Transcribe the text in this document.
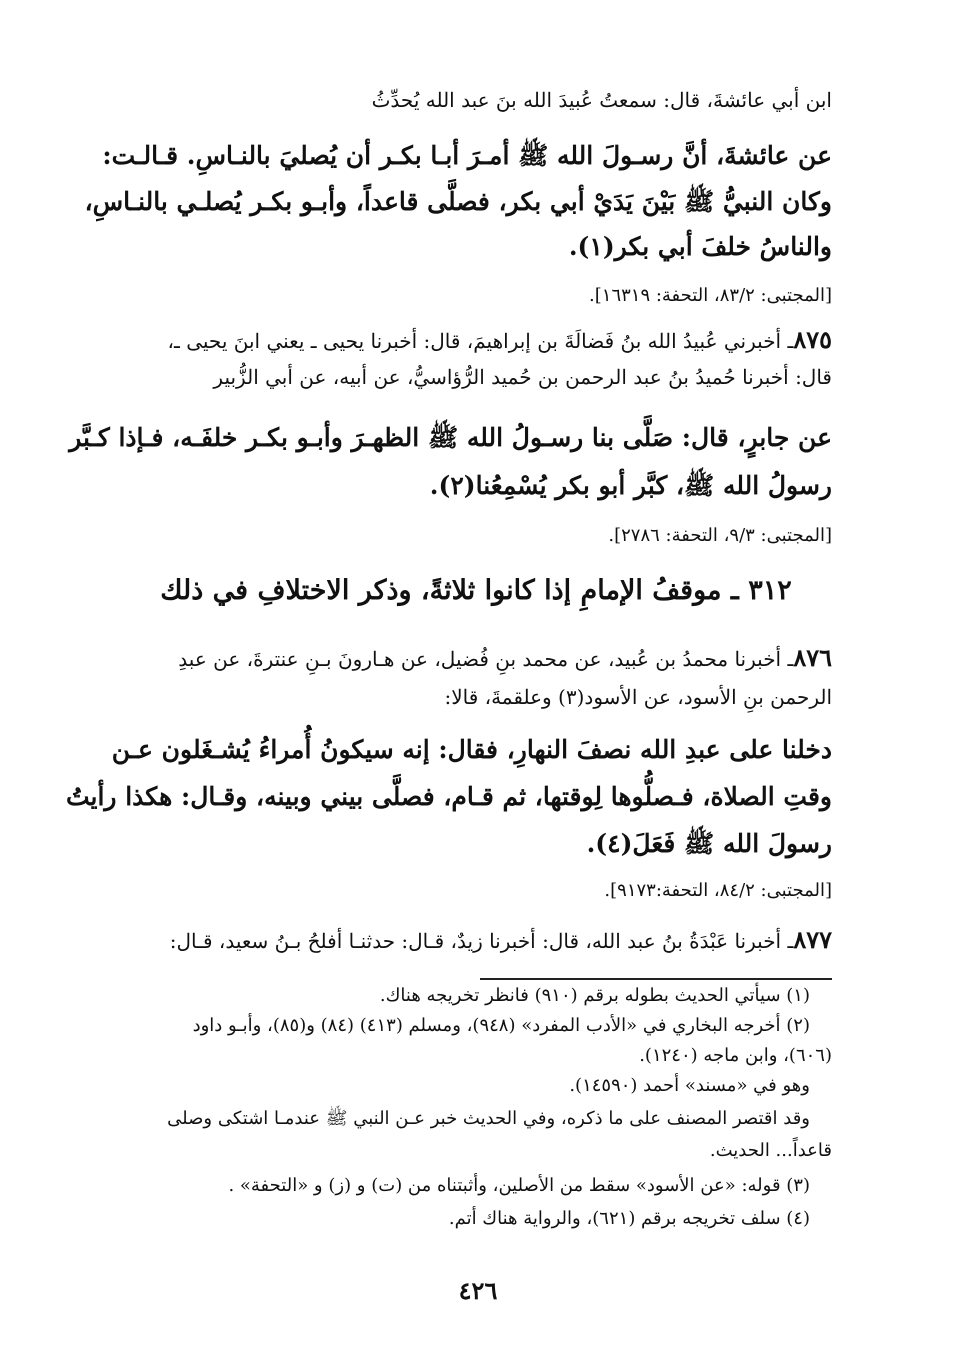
ابن أبي عائشةَ، قال: سمعتُ عُبيدَ الله بنَ عبد الله يُحدِّثُ
عن عائشةَ، أنَّ رسـولَ الله ﷺ أمـرَ أبـا بكـر أن يُصليَ بالنـاسِ. قـالـت:
وكان النبيُّ ﷺ بَيْنَ يَدَيْ أبي بكر، فصلَّى قاعداً، وأبـو بكـر يُصلـي بالنـاسِ،
والناسُ خلفَ أبي بكر(١).
[المجتبى: ٨٣/٢، التحفة: ١٦٣١٩].
٨٧٥ـ أخبرني عُبيدُ الله بنُ فَضالَةَ بن إبراهيمَ، قال: أخبرنا يحيى ـ يعني ابنَ يحيى ـ،
قال: أخبرنا حُميدُ بنُ عبد الرحمن بن حُميد الرُّؤاسيُّ، عن أبيه، عن أبي الزُّبير
عن جابرٍ، قال: صَلَّى بنا رسـولُ الله ﷺ الظهـرَ وأبـو بكـر خلفَـه، فـإذا كـبَّر
رسولُ الله ﷺ، كبَّر أبو بكر يُسْمِعُنا(٢).
[المجتبى: ٩/٣، التحفة: ٢٧٨٦].
٣١٢ ـ موقفُ الإمامِ إذا كانوا ثلاثةً، وذكر الاختلافِ في ذلك
٨٧٦ـ أخبرنا محمدُ بن عُبيد، عن محمد بنِ فُضيل، عن هـارونَ بـنِ عنترةَ، عن عبدِ
الرحمن بنِ الأسود، عن الأسود(٣) وعلقمةَ، قالا:
دخلنا على عبدِ الله نصفَ النهارِ، فقال: إنه سيكونُ أُمراءُ يُشـغَلون عـن
وقتِ الصلاة، فـصلُّوها لِوقتها، ثم قـام، فصلَّى بيني وبينه، وقـال: هكذا رأيتُ
رسولَ الله ﷺ فَعَلَ(٤).
[المجتبى: ٨٤/٢، التحفة:٩١٧٣].
٨٧٧ـ أخبرنا عَبْدَةُ بنُ عبد الله، قال: أخبرنا زيدٌ، قـال: حدثنـا أفلحُ بـنُ سعيد، قـال:
(١) سيأتي الحديث بطوله برقم (٩١٠) فانظر تخريجه هناك.
(٢) أخرجه البخاري في «الأدب المفرد» (٩٤٨)، ومسلم (٤١٣) (٨٤) و(٨٥)، وأبـو داود
(٦٠٦)، وابن ماجه (١٢٤٠).
وهو في «مسند» أحمد (١٤٥٩٠).
وقد اقتصر المصنف على ما ذكره، وفي الحديث خبر عـن النبي ﷺ عندمـا اشتكى وصلى
قاعداً... الحديث.
(٣) قوله: «عن الأسود» سقط من الأصلين، وأثبتناه من (ت) و (ز) و «التحفة» .
(٤) سلف تخريجه برقم (٦٢١)، والرواية هناك أتم.
٤٢٦
